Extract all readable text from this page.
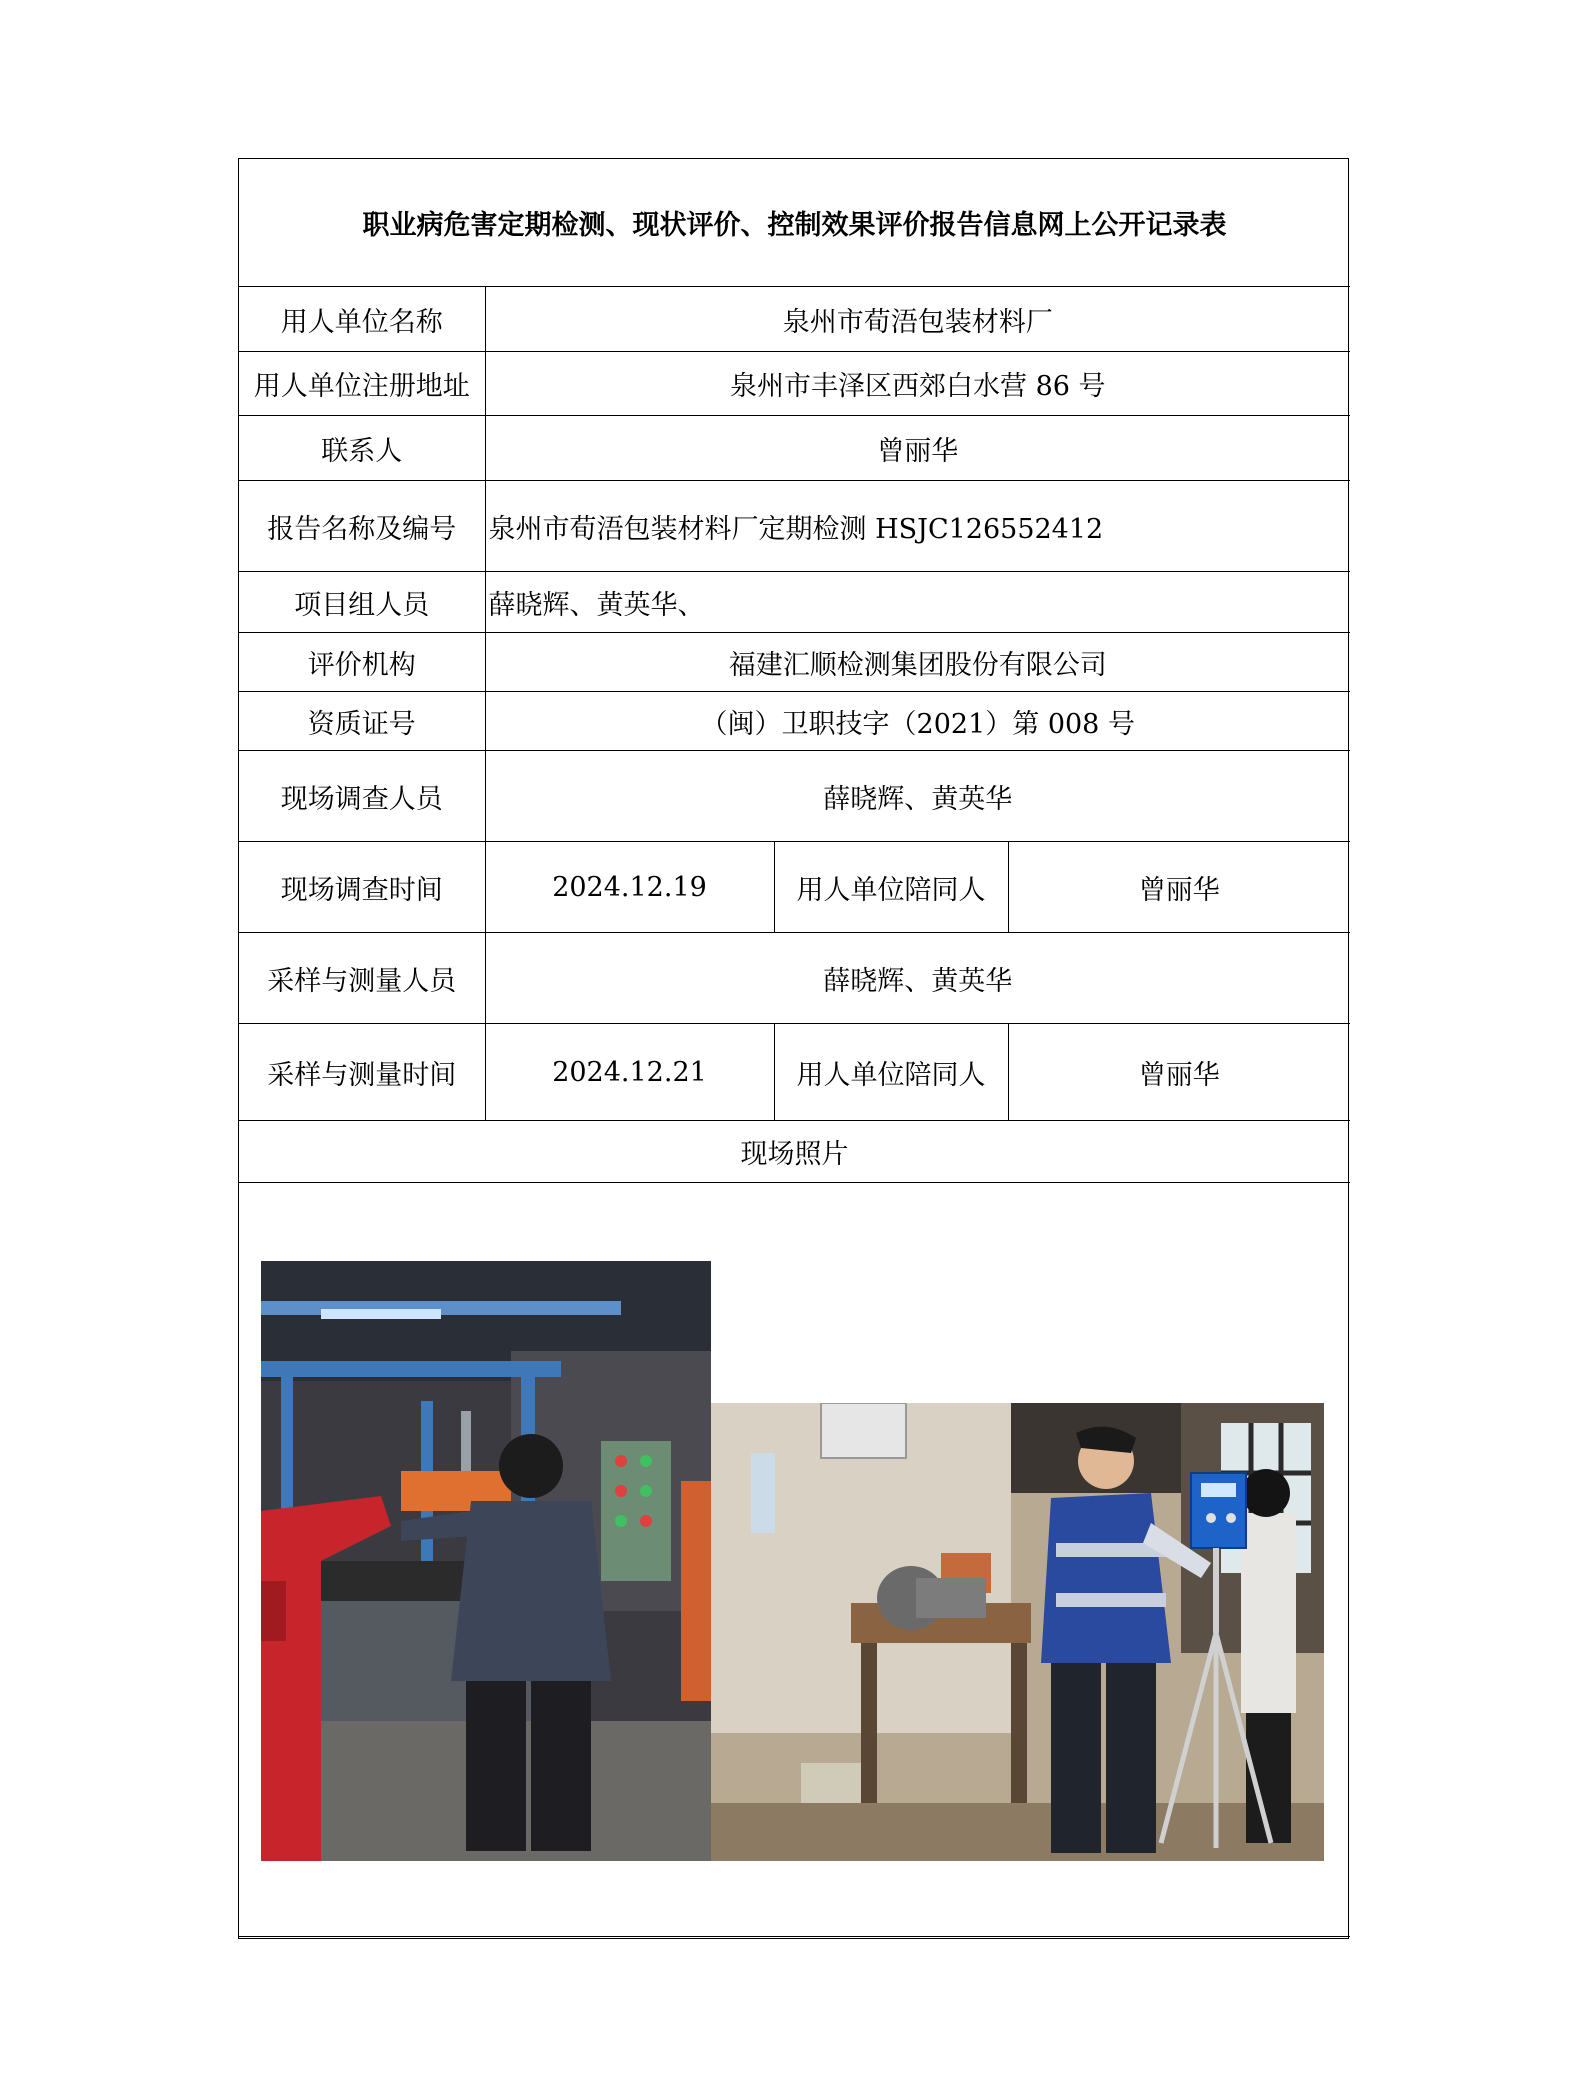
职业病危害定期检测、现状评价、控制效果评价报告信息网上公开记录表			
用人单位名称	泉州市荀浯包装材料厂		
用人单位注册地址	泉州市丰泽区西郊白水营 86 号		
联系人	曾丽华		
报告名称及编号	泉州市荀浯包装材料厂定期检测 HSJC126552412		
项目组人员	薛晓辉、黄英华、		
评价机构	福建汇顺检测集团股份有限公司		
资质证号	（闽）卫职技字（2021）第 008 号		
现场调查人员	薛晓辉、黄英华		
现场调查时间	2024.12.19	用人单位陪同人	曾丽华
采样与测量人员	薛晓辉、黄英华		
采样与测量时间	2024.12.21	用人单位陪同人	曾丽华
现场照片			
